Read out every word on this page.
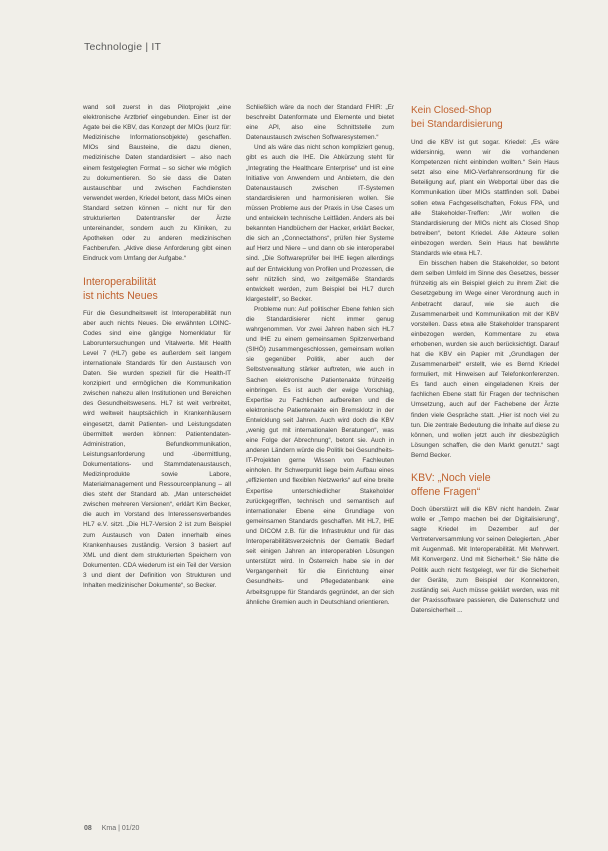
Technologie | IT

wand soll zuerst in das Pilotprojekt „eine elektronische Arztbrief eingebunden. Einer ist der Agate bei die KBV, das Konzept der MIOs (kurz für: Medizinische Informationsobjekte) geschaffen. MIOs sind Bausteine, die dazu dienen, medizinische Daten standardisiert – also nach einem festgelegten Format – so sicher wie möglich zu dokumentieren. So sie dass die Daten austauschbar und zwischen Fachdiensten verwendet werden, Kriedel betont, dass MIOs einen Standard setzen können – nicht nur für den strukturierten Datentransfer der Ärzte untereinander, sondern auch zu Kliniken, zu Apotheken oder zu anderen medizinischen Fachberufen. „Aktive diese Anforderung gibt einen Eindruck vom Umfang der Aufgabe.“

Interoperabilität
ist nichts Neues

Für die Gesundheitswelt ist Interoperabilität nun aber auch nichts Neues. Die erwähnten LOINC-Codes sind eine gängige Nomenklatur für Laboruntersuchungen und Vitalwerte. Mit Health Level 7 (HL7) gebe es außerdem seit langem internationale Standards für den Austausch von Daten. Sie wurden speziell für die Health-IT konzipiert und ermöglichen die Kommunikation zwischen nahezu allen Institutionen und Bereichen des Gesundheitswesens. HL7 ist weit verbreitet, wird weltweit hauptsächlich in Krankenhäusern eingesetzt, damit Patienten- und Leistungsdaten übermittelt werden können: Patientendaten-Administration, Befundkommunikation, Leistungsanforderung und -übermittlung, Dokumentations- und Stammdatenaustausch, Medizinprodukte sowie Labore, Materialmanagement und Ressourcenplanung – all dies steht der Standard ab. „Man unterscheidet zwischen mehreren Versionen“, erklärt Kim Becker, die auch im Vorstand des Interessensverbandes HL7 e.V. sitzt. „Die HL7-Version 2 ist zum Beispiel zum Austausch von Daten innerhalb eines Krankenhauses zuständig. Version 3 basiert auf XML und dient dem strukturierten Speichern von Dokumenten. CDA wiederum ist ein Teil der Version 3 und dient der Definition von Strukturen und Inhalten medizinischer Dokumente“, so Becker.

Schließlich wäre da noch der Standard FHIR: „Er beschreibt Datenformate und Elemente und bietet eine API, also eine Schnittstelle zum Datenaustausch zwischen Softwaresystemen.“

Und als wäre das nicht schon kompliziert genug, gibt es auch die IHE. Die Abkürzung steht für „Integrating the Healthcare Enterprise“ und ist eine Initiative von Anwendern und Anbietern, die den Datenaustausch zwischen IT-Systemen standardisieren und harmonisieren wollen. Sie müssen Probleme aus der Praxis in Use Cases um und entwickeln technische Leitfäden. Anders als bei bekannten Handbüchern der Hacker, erklärt Becker, die sich an „Connectathons“, prüfen hier Systeme auf Herz und Niere – und dann ob sie interoperabel sind. „Die Softwareprüfer bei IHE liegen allerdings auf der Entwicklung von Profilen und Prozessen, die sehr nützlich sind, wo zeitgemäße Standards entwickelt werden, zum Beispiel bei HL7 durch klargestellt“, so Becker.

Probleme nun: Auf politischer Ebene fehlen sich die Standardisierer nicht immer genug wahrgenommen. Vor zwei Jahren haben sich HL7 und IHE zu einem gemeinsamen Spitzenverband (SIHÖ) zusammengeschlossen, gemeinsam wollen sie gegenüber Politik, aber auch der Selbstverwaltung stärker auftreten, wie auch in Sachen elektronische Patientenakte frühzeitig einbringen. Es ist auch der ewige Vorschlag, Expertise zu Fachlichen aufbereiten und die elektronische Patientenakte ein Bremsklotz in der Entwicklung seit Jahren. Auch wird doch die KBV „wenig gut mit internationalen Beratungen“, was eine Folge der Abrechnung“, betont sie. Auch in anderen Ländern würde die Politik bei Gesundheits-IT-Projekten gerne Wissen von Fachleuten einholen. Ihr Schwerpunkt liege beim Aufbau eines „effizienten und flexiblen Netzwerks“ auf eine breite Expertise unterschiedlicher Stakeholder zurückgegriffen, technisch und semantisch auf internationaler Ebene eine Grundlage von gemeinsamen Standards geschaffen. Mit HL7, IHE und DICOM z.B. für die Infrastruktur und für das Interoperabilitätsverzeichnis der Gematik Bedarf seit einigen Jahren an interoperablen Lösungen unterstützt wird. In Österreich habe sie in der Vergangenheit für die Einrichtung einer Gesundheits- und Pflegedatenbank eine Arbeitsgruppe für Standards gegründet, an der sich ähnliche Gremien auch in Deutschland orientieren.

Kein Closed-Shop
bei Standardisierung

Und die KBV ist gut sogar. Kriedel: „Es wäre widersinnig, wenn wir die vorhandenen Kompetenzen nicht einbinden wollten.“ Sein Haus setzt also eine MIO-Verfahrensordnung für die Beteiligung auf, plant ein Webportal über das die Kommunikation über MIOs stattfinden soll. Dabei sollen etwa Fachgesellschaften, Fokus FPA, und alle Stakeholder-Treffen: „Wir wollen die Standardisierung der MIOs nicht als Closed Shop betreiben“, betont Kriedel. Alle Akteure sollen einbezogen werden. Sein Haus hat bewährte Standards wie etwa HL7.

Ein bisschen haben die Stakeholder, so betont dem selben Umfeld im Sinne des Gesetzes, besser frühzeitig als ein Beispiel gleich zu ihrem Ziel: die Gesetzgebung im Wege einer Verordnung auch in Anbetracht darauf, wie sie auch die Zusammenarbeit und Kommunikation mit der KBV vorstellen. Dass etwa alle Stakeholder transparent einbezogen werden, Kommentare zu etwa erhobenen, wurden sie auch berücksichtigt. Darauf hat die KBV ein Papier mit „Grundlagen der Zusammenarbeit“ erstellt, wie es Bernd Kriedel formuliert, mit Hinweisen auf Telefonkonferenzen. Es fand auch einen eingeladenen Kreis der fachlichen Ebene statt für Fragen der technischen Umsetzung, auch auf der Fachebene der Ärzte finden viele Gespräche statt. „Hier ist noch viel zu tun. Die zentrale Bedeutung die Inhalte auf diese zu können, und wollen jetzt auch ihr diesbezüglich Lösungen schaffen, die den Markt genutzt.“ sagt Bernd Becker.

KBV: „Noch viele
offene Fragen“

Doch überstürzt will die KBV nicht handeln. Zwar wolle er „Tempo machen bei der Digitalisierung“, sagte Kriedel im Dezember auf der Vertreterversammlung vor seinen Delegierten. „Aber mit Augenmaß. Mit Interoperabilität. Mit Mehrwert. Mit Konvergenz. Und mit Sicherheit.“ Sie hätte die Politik auch nicht festgelegt, wer für die Sicherheit der Geräte, zum Beispiel der Konnektoren, zuständig sei. Auch müsse geklärt werden, was mit der Praxissoftware passieren, die Datenschutz und Datensicherheit ...

08 Kma | 01/20
